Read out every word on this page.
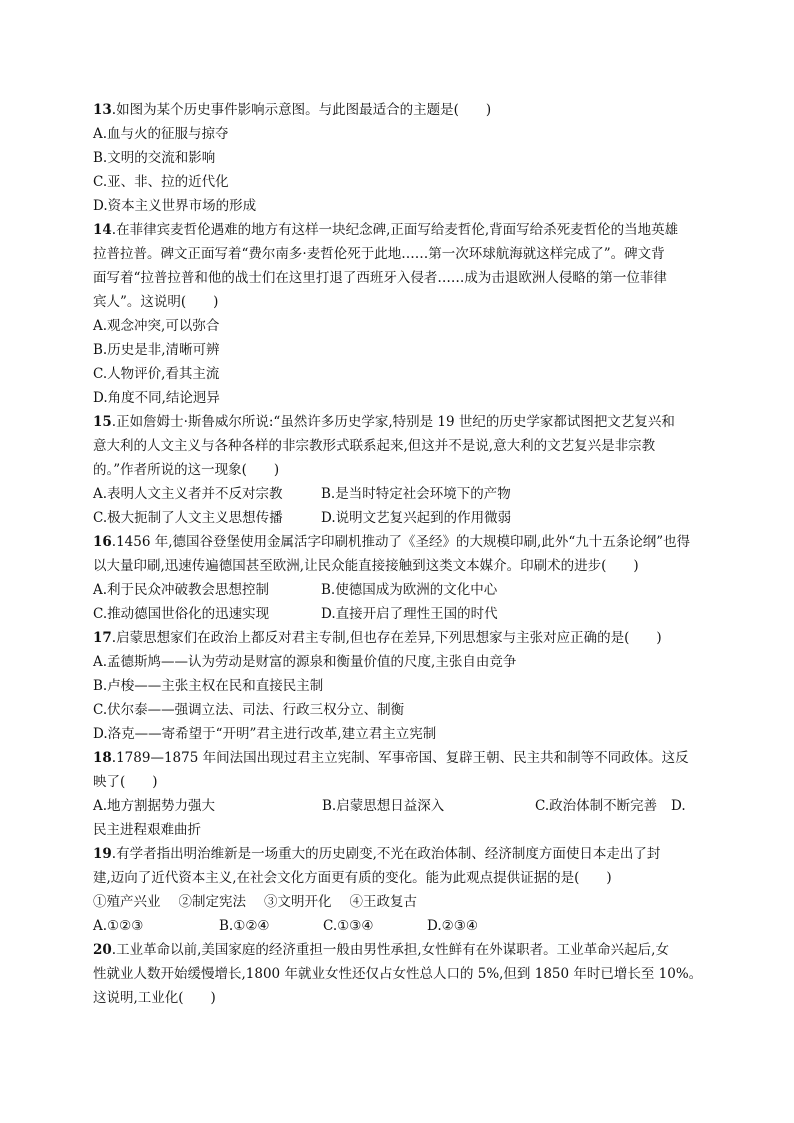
13.如图为某个历史事件影响示意图。与此图最适合的主题是(　　)
A.血与火的征服与掠夺
B.文明的交流和影响
C.亚、非、拉的近代化
D.资本主义世界市场的形成
14.在菲律宾麦哲伦遇难的地方有这样一块纪念碑,正面写给麦哲伦,背面写给杀死麦哲伦的当地英雄
拉普拉普。碑文正面写着“费尔南多·麦哲伦死于此地……第一次环球航海就这样完成了”。碑文背
面写着“拉普拉普和他的战士们在这里打退了西班牙入侵者……成为击退欧洲人侵略的第一位菲律
宾人”。这说明(　　)
A.观念冲突,可以弥合
B.历史是非,清晰可辨
C.人物评价,看其主流
D.角度不同,结论迥异
15.正如詹姆士·斯鲁威尔所说:“虽然许多历史学家,特别是 19 世纪的历史学家都试图把文艺复兴和
意大利的人文主义与各种各样的非宗教形式联系起来,但这并不是说,意大利的文艺复兴是非宗教
的。”作者所说的这一现象(　　)
A.表明人文主义者并不反对宗教	B.是当时特定社会环境下的产物
C.极大扼制了人文主义思想传播	D.说明文艺复兴起到的作用微弱
16.1456 年,德国谷登堡使用金属活字印刷机推动了《圣经》的大规模印刷,此外“九十五条论纲”也得
以大量印刷,迅速传遍德国甚至欧洲,让民众能直接接触到这类文本媒介。印刷术的进步(　　)
A.利于民众冲破教会思想控制	B.使德国成为欧洲的文化中心
C.推动德国世俗化的迅速实现	D.直接开启了理性王国的时代
17.启蒙思想家们在政治上都反对君主专制,但也存在差异,下列思想家与主张对应正确的是(　　)
A.孟德斯鸠——认为劳动是财富的源泉和衡量价值的尺度,主张自由竞争
B.卢梭——主张主权在民和直接民主制
C.伏尔泰——强调立法、司法、行政三权分立、制衡
D.洛克——寄希望于“开明”君主进行改革,建立君主立宪制
18.1789—1875 年间法国出现过君主立宪制、军事帝国、复辟王朝、民主共和制等不同政体。这反
映了(　　)
A.地方割据势力强大	B.启蒙思想日益深入	C.政治体制不断完善	D.
民主进程艰难曲折
19.有学者指出明治维新是一场重大的历史剧变,不光在政治体制、经济制度方面使日本走出了封
建,迈向了近代资本主义,在社会文化方面更有质的变化。能为此观点提供证据的是(　　)
①殖产兴业 ②制定宪法 ③文明开化 ④王政复古
A.①②③	B.①②④	C.①③④	D.②③④
20.工业革命以前,美国家庭的经济重担一般由男性承担,女性鲜有在外谋职者。工业革命兴起后,女
性就业人数开始缓慢增长,1800 年就业女性还仅占女性总人口的 5%,但到 1850 年时已增长至 10%。
这说明,工业化(　　)
